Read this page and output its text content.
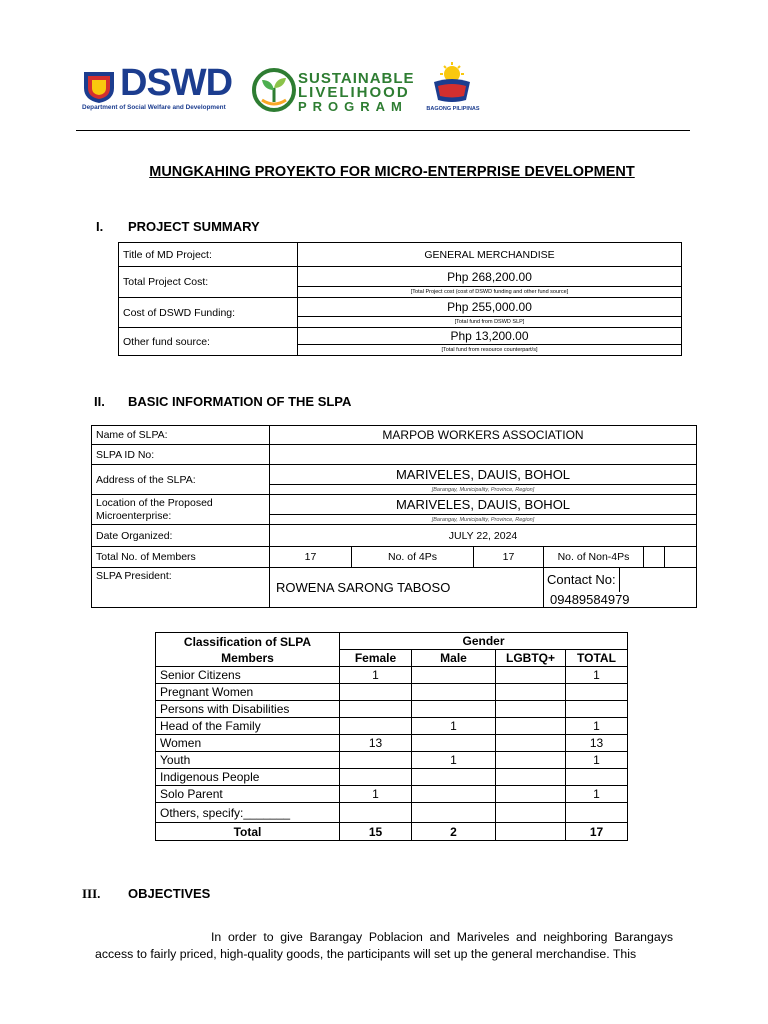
DSWD
Department of Social Welfare and Development
SUSTAINABLE
LIVELIHOOD
PROGRAM	BAGONG PILIPINAS
MUNGKAHING PROYEKTO FOR MICRO-ENTERPRISE DEVELOPMENT
I. PROJECT SUMMARY
Title of MD Project:	GENERAL MERCHANDISE
Total Project Cost:	Php 268,200.00
	[Total Project cost (cost of DSWD funding and other fund source]
Cost of DSWD Funding:	Php 255,000.00
	[Total fund from DSWD SLP]
Other fund source:	Php 13,200.00
	[Total fund from resource counterpart/s]
II. BASIC INFORMATION OF THE SLPA
Name of SLPA:	MARPOB WORKERS ASSOCIATION				
SLPA ID No:					
Address of the SLPA:	MARIVELES, DAUIS, BOHOL				
	[Barangay, Municipality, Province, Region]				
Location of the Proposed Microenterprise:	MARIVELES, DAUIS, BOHOL				
	[Barangay, Municipality, Province, Region]				
Date Organized:	JULY 22, 2024				
Total No. of Members	17	No. of 4Ps	17	No. of Non-4Ps	

SLPA President:	ROWENA SARONG TABOSO			Contact No: 09489584979	
Classification of SLPA Members	Gender			
	Female	Male	LGBTQ+	TOTAL
Senior Citizens	1			1
Pregnant Women				
Persons with Disabilities				
Head of the Family		1		1
Women	13			13
Youth		1		1
Indigenous People				
Solo Parent	1			1
Others, specify:_______				
Total	15	2		17
III. OBJECTIVES
In order to give Barangay Poblacion and Mariveles and neighboring Barangays access to fairly priced, high-quality goods, the participants will set up the general merchandise. This
